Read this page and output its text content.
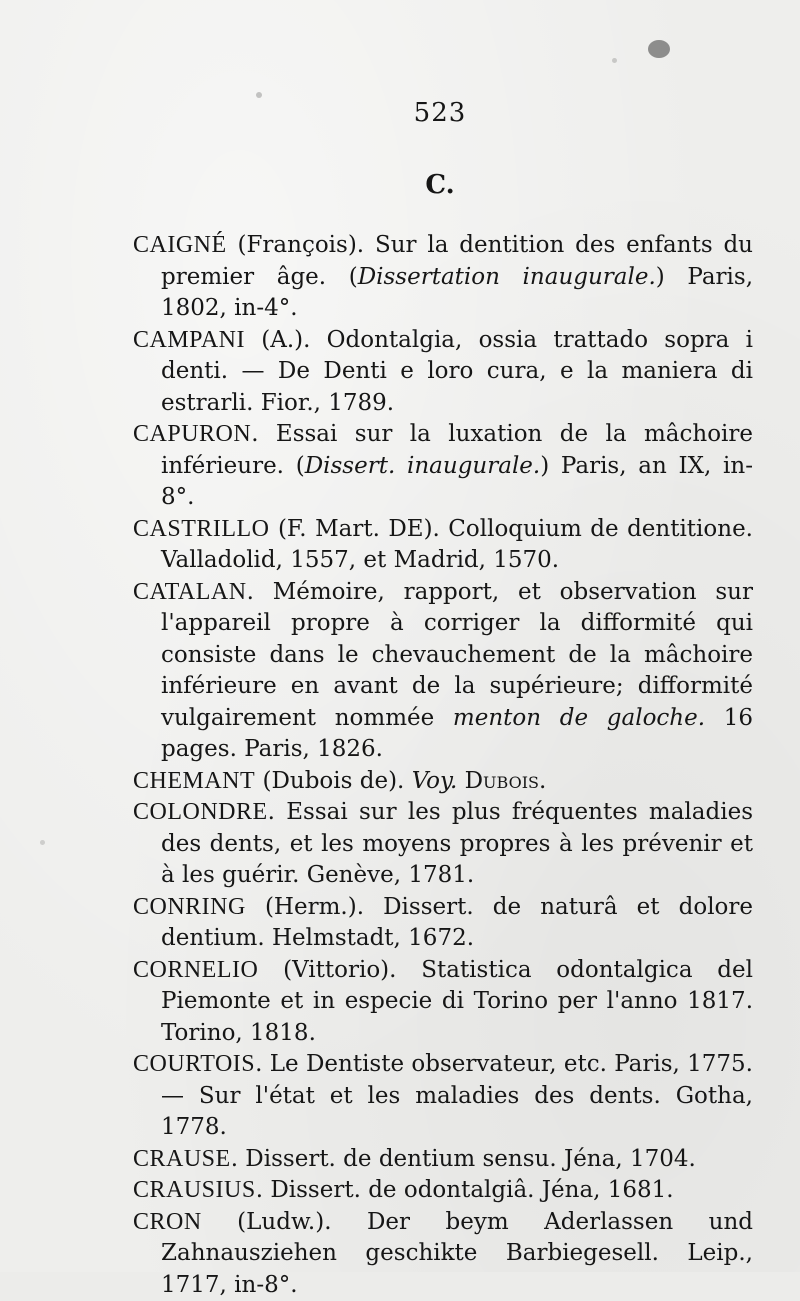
523
C.

CAIGNÉ (François). Sur la dentition des enfants du premier âge. (Dissertation inaugurale.) Paris, 1802, in-4°.

CAMPANI (A.). Odontalgia, ossia trattado sopra i denti. — De Denti e loro cura, e la maniera di estrarli. Fior., 1789.

CAPURON. Essai sur la luxation de la mâchoire inférieure. (Dissert. inaugurale.) Paris, an IX, in-8°.

CASTRILLO (F. Mart. DE). Colloquium de dentitione. Valladolid, 1557, et Madrid, 1570.

CATALAN. Mémoire, rapport, et observation sur l'appareil propre à corriger la difformité qui consiste dans le chevauchement de la mâchoire inférieure en avant de la supérieure; difformité vulgairement nommée menton de galoche. 16 pages. Paris, 1826.

CHEMANT (Dubois de). Voy. Dubois.

COLONDRE. Essai sur les plus fréquentes maladies des dents, et les moyens propres à les prévenir et à les guérir. Genève, 1781.

CONRING (Herm.). Dissert. de naturâ et dolore dentium. Helmstadt, 1672.

CORNELIO (Vittorio). Statistica odontalgica del Piemonte et in especie di Torino per l'anno 1817. Torino, 1818.

COURTOIS. Le Dentiste observateur, etc. Paris, 1775. — Sur l'état et les maladies des dents. Gotha, 1778.

CRAUSE. Dissert. de dentium sensu. Jéna, 1704.

CRAUSIUS. Dissert. de odontalgiâ. Jéna, 1681.

CRON (Ludw.). Der beym Aderlassen und Zahnausziehen geschikte Barbiegesell. Leip., 1717, in-8°.
